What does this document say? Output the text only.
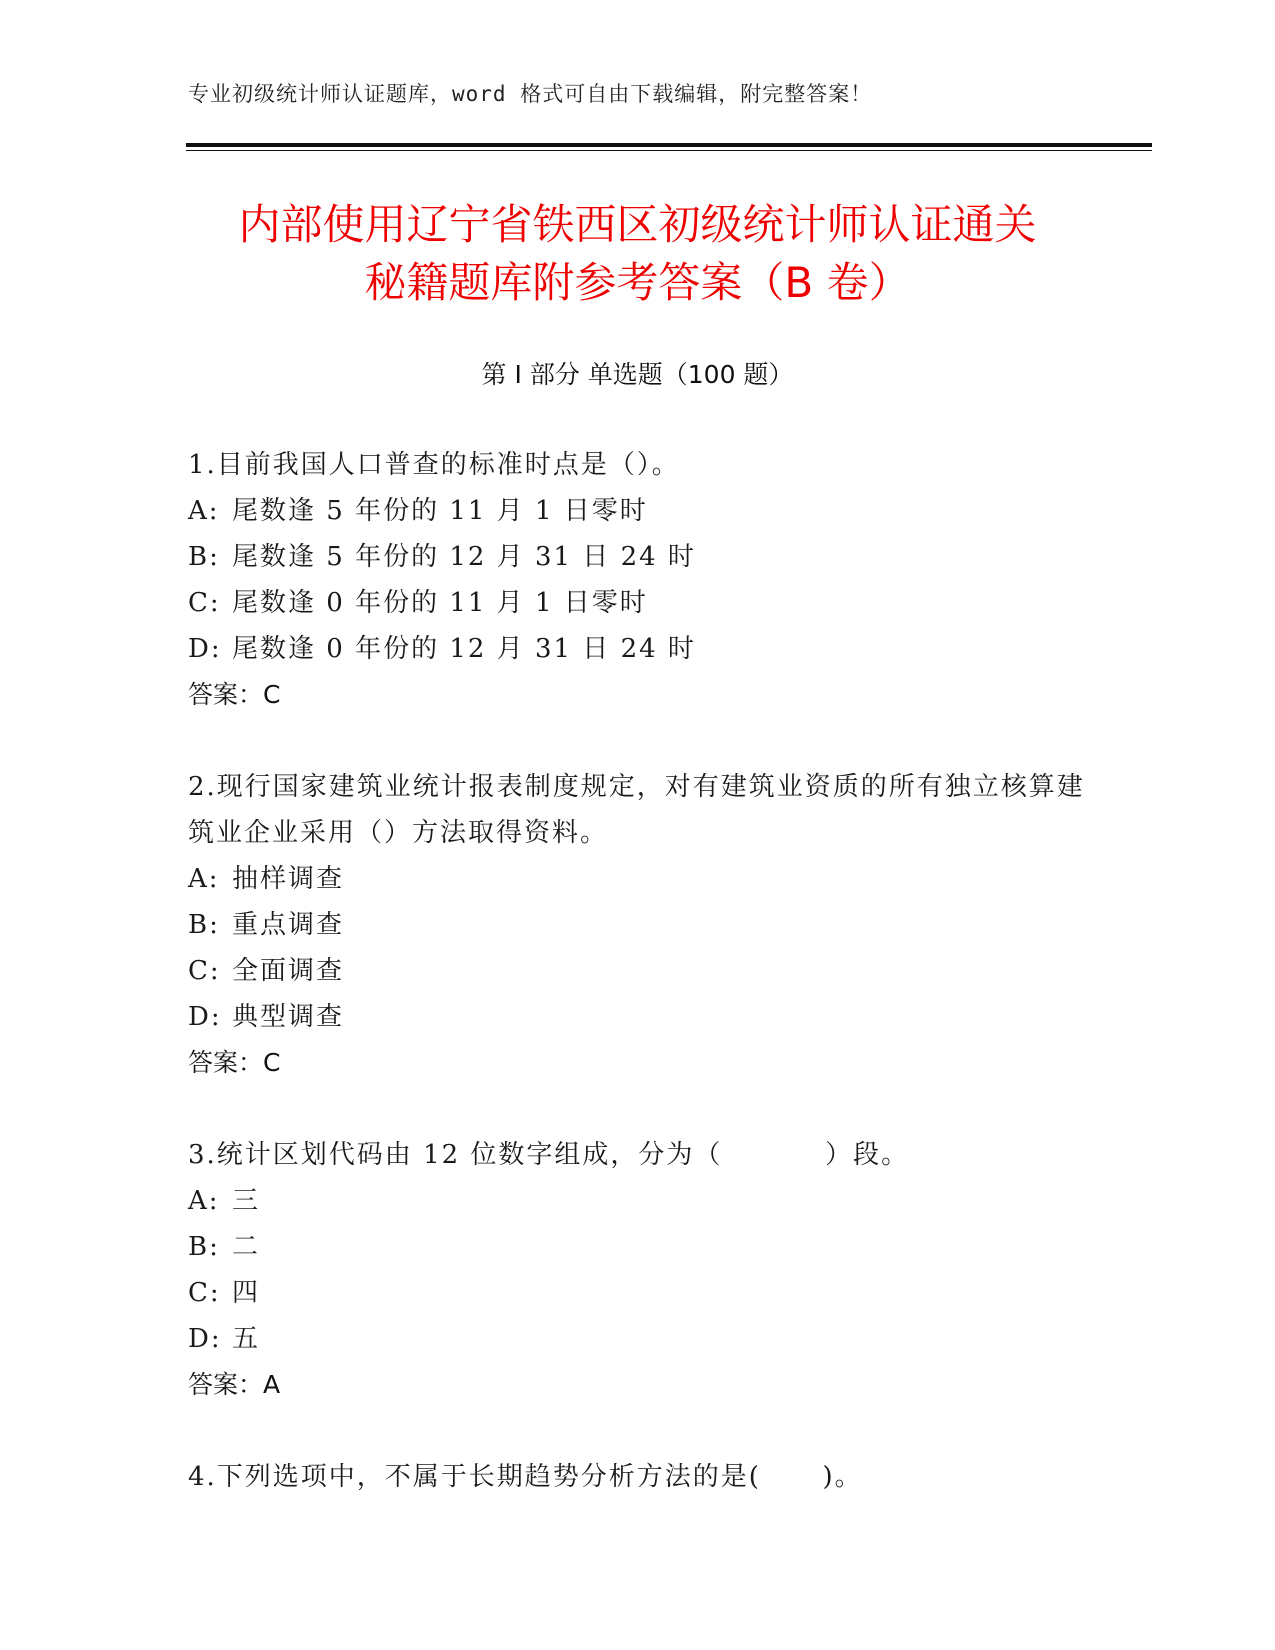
专业初级统计师认证题库，word 格式可自由下载编辑，附完整答案！
内部使用辽宁省铁西区初级统计师认证通关
秘籍题库附参考答案（B 卷）
第 I 部分 单选题（100 题）
1.目前我国人口普查的标准时点是（）。
A: 尾数逢 5 年份的 11 月 1 日零时
B: 尾数逢 5 年份的 12 月 31 日 24 时
C: 尾数逢 0 年份的 11 月 1 日零时
D: 尾数逢 0 年份的 12 月 31 日 24 时
答案：C
2.现行国家建筑业统计报表制度规定，对有建筑业资质的所有独立核算建筑业企业采用（）方法取得资料。
A: 抽样调查
B: 重点调查
C: 全面调查
D: 典型调查
答案：C
3.统计区划代码由 12 位数字组成，分为（          ）段。
A: 三
B: 二
C: 四
D: 五
答案：A
4.下列选项中，不属于长期趋势分析方法的是(      )。
